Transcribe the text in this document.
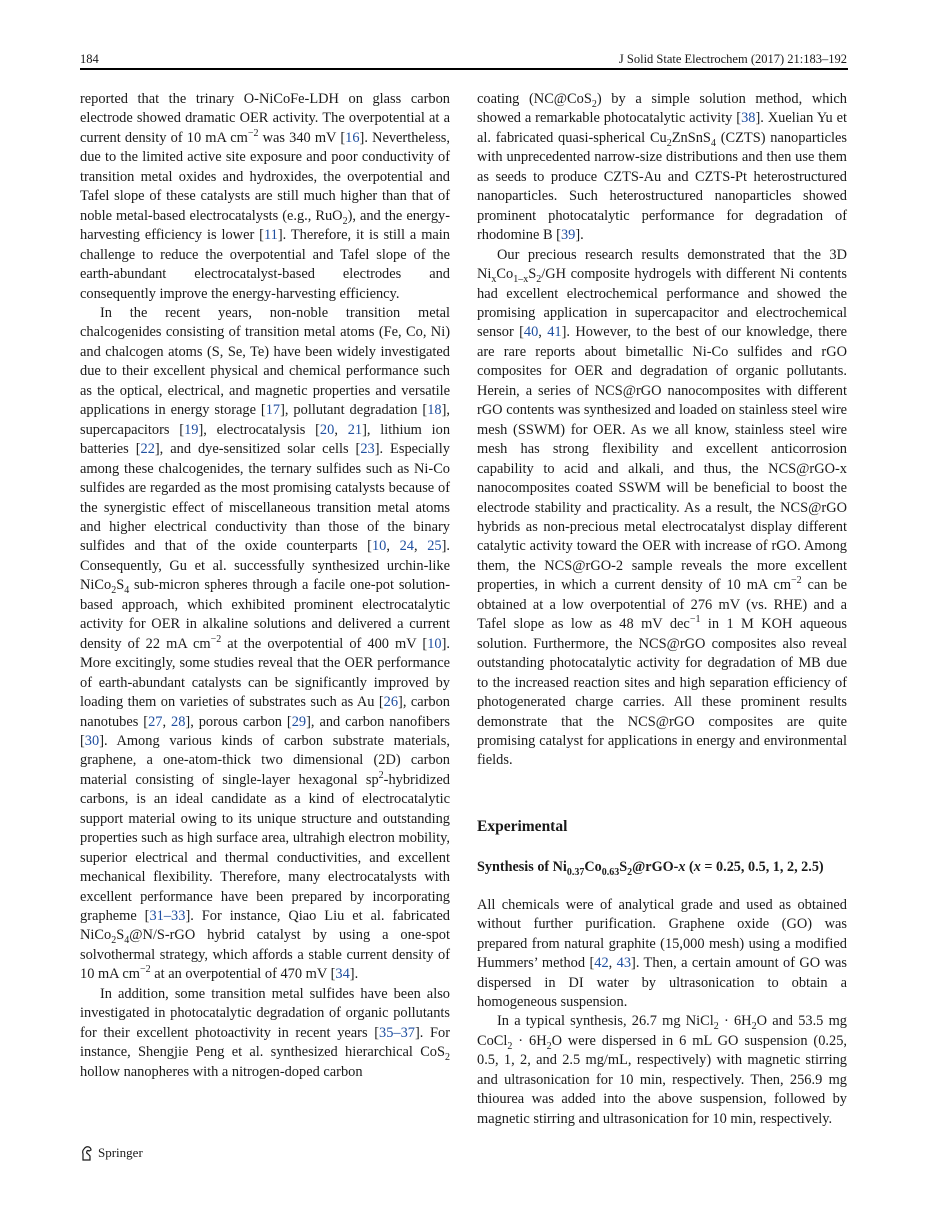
184	J Solid State Electrochem (2017) 21:183–192

reported that the trinary O-NiCoFe-LDH on glass carbon electrode showed dramatic OER activity. The overpotential at a current density of 10 mA $cm^{-2}$ was 340 mV [16]. Nevertheless, due to the limited active site exposure and poor conductivity of transition metal oxides and hydroxides, the overpotential and Tafel slope of these catalysts are still much higher than that of noble metal-based electrocatalysts (e.g., RuO$_2$), and the energy-harvesting efficiency is lower [11]. Therefore, it is still a main challenge to reduce the overpotential and Tafel slope of the earth-abundant electrocatalyst-based electrodes and consequently improve the energy-harvesting efficiency.

In the recent years, non-noble transition metal chalcogenides consisting of transition metal atoms (Fe, Co, Ni) and chalcogen atoms (S, Se, Te) have been widely investigated due to their excellent physical and chemical performance such as the optical, electrical, and magnetic properties and versatile applications in energy storage [17], pollutant degradation [18], supercapacitors [19], electrocatalysis [20, 21], lithium ion batteries [22], and dye-sensitized solar cells [23]. Especially among these chalcogenides, the ternary sulfides such as Ni-Co sulfides are regarded as the most promising catalysts because of the synergistic effect of miscellaneous transition metal atoms and higher electrical conductivity than those of the binary sulfides and that of the oxide counterparts [10, 24, 25]. Consequently, Gu et al. successfully synthesized urchin-like $NiCo_2S_4$ sub-micron spheres through a facile one-pot solution-based approach, which exhibited prominent electrocatalytic activity for OER in alkaline solutions and delivered a current density of 22 mA $cm^{-2}$ at the overpotential of 400 mV [10]. More excitingly, some studies reveal that the OER performance of earth-abundant catalysts can be significantly improved by loading them on varieties of substrates such as Au [26], carbon nanotubes [27, 28], porous carbon [29], and carbon nanofibers [30]. Among various kinds of carbon substrate materials, graphene, a one-atom-thick two dimensional (2D) carbon material consisting of single-layer hexagonal $sp^2$-hybridized carbons, is an ideal candidate as a kind of electrocatalytic support material owing to its unique structure and outstanding properties such as high surface area, ultrahigh electron mobility, superior electrical and thermal conductivities, and excellent mechanical flexibility. Therefore, many electrocatalysts with excellent performance have been prepared by incorporating grapheme [31–33]. For instance, Qiao Liu et al. fabricated $NiCo_2S_4@N/S$-rGO hybrid catalyst by using a one-spot solvothermal strategy, which affords a stable current density of 10 mA $cm^{-2}$ at an overpotential of 470 mV [34].

In addition, some transition metal sulfides have been also investigated in photocatalytic degradation of organic pollutants for their excellent photoactivity in recent years [35–37]. For instance, Shengjie Peng et al. synthesized hierarchical CoS$_2$ hollow nanopheres with a nitrogen-doped carbon

coating (NC@CoS$_2$) by a simple solution method, which showed a remarkable photocatalytic activity [38]. Xuelian Yu et al. fabricated quasi-spherical $Cu_2ZnSnS_4$ (CZTS) nanoparticles with unprecedented narrow-size distributions and then use them as seeds to produce CZTS-Au and CZTS-Pt heterostructured nanoparticles. Such heterostructured nanoparticles showed prominent photocatalytic performance for degradation of rhodomine B [39].

Our precious research results demonstrated that the 3D $Ni_xCo_{1-x}S_2/GH$ composite hydrogels with different Ni contents had excellent electrochemical performance and showed the promising application in supercapacitor and electrochemical sensor [40, 41]. However, to the best of our knowledge, there are rare reports about bimetallic Ni-Co sulfides and rGO composites for OER and degradation of organic pollutants. Herein, a series of NCS@rGO nanocomposites with different rGO contents was synthesized and loaded on stainless steel wire mesh (SSWM) for OER. As we all know, stainless steel wire mesh has strong flexibility and excellent anticorrosion capability to acid and alkali, and thus, the NCS@rGO-x nanocomposites coated SSWM will be beneficial to boost the electrode stability and practicality. As a result, the NCS@rGO hybrids as non-precious metal electrocatalyst display different catalytic activity toward the OER with increase of rGO. Among them, the NCS@rGO-2 sample reveals the more excellent properties, in which a current density of 10 mA $cm^{-2}$ can be obtained at a low overpotential of 276 mV (vs. RHE) and a Tafel slope as low as 48 mV dec$^{-1}$ in 1 M KOH aqueous solution. Furthermore, the NCS@rGO composites also reveal outstanding photocatalytic activity for degradation of MB due to the increased reaction sites and high separation efficiency of photogenerated charge carries. All these prominent results demonstrate that the NCS@rGO composites are quite promising catalyst for applications in energy and environmental fields.

Experimental

Synthesis of $Ni_{0.37}Co_{0.63}S_2@rGO-x$ (x = 0.25, 0.5, 1, 2, 2.5)

All chemicals were of analytical grade and used as obtained without further purification. Graphene oxide (GO) was prepared from natural graphite (15,000 mesh) using a modified Hummers’ method [42, 43]. Then, a certain amount of GO was dispersed in DI water by ultrasonication to obtain a homogeneous suspension.

In a typical synthesis, 26.7 mg NiCl$_2$ · $6H_2O$ and 53.5 mg CoCl$_2$ · $6H_2O$ were dispersed in 6 mL GO suspension (0.25, 0.5, 1, 2, and 2.5 mg/mL, respectively) with magnetic stirring and ultrasonication for 10 min, respectively. Then, 256.9 mg thiourea was added into the above suspension, followed by magnetic stirring and ultrasonication for 10 min, respectively.

Springer
